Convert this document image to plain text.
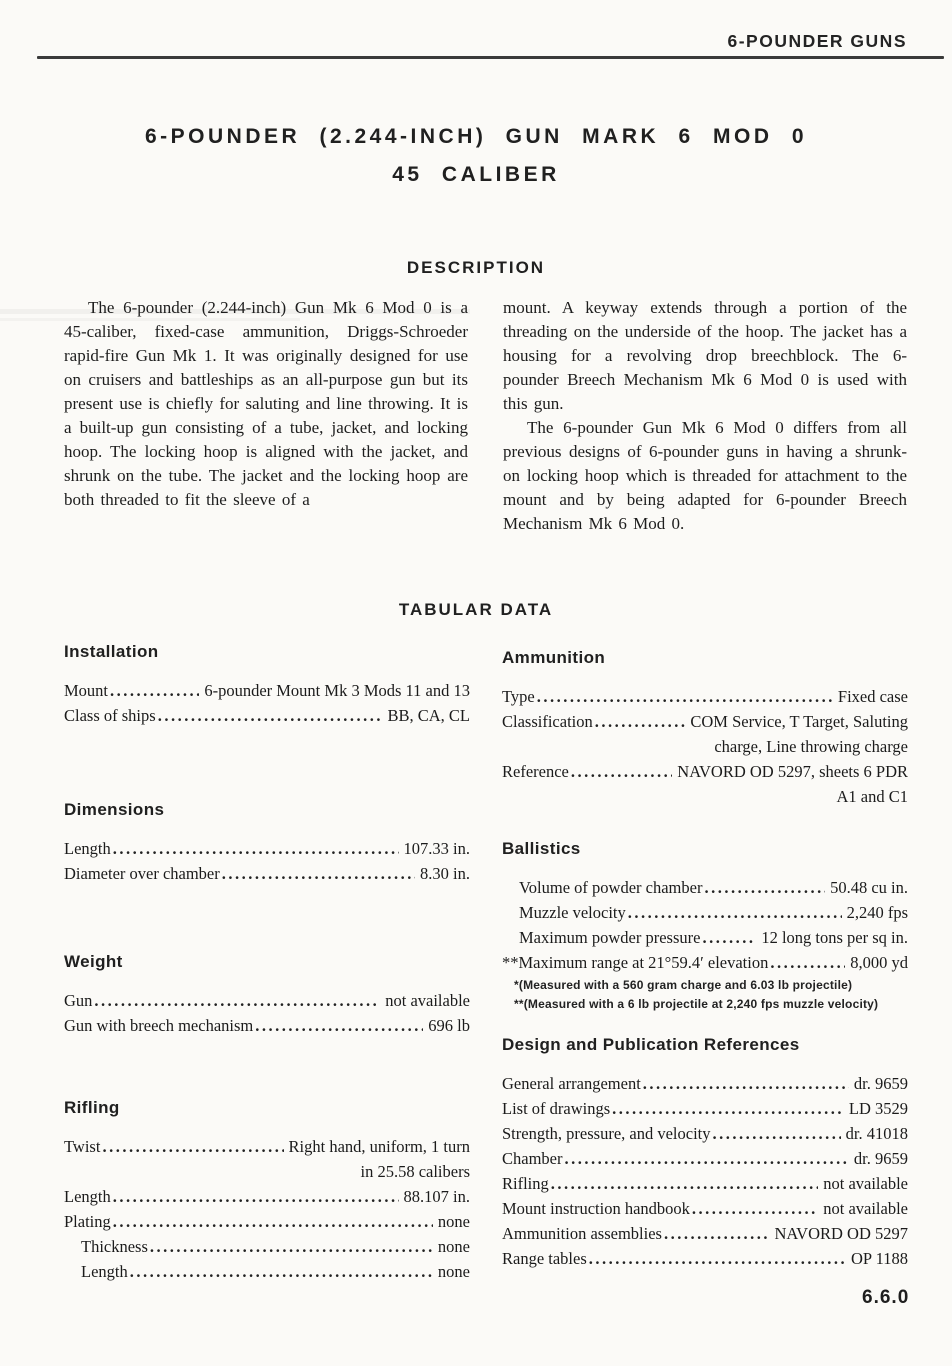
6-POUNDER GUNS
6-POUNDER (2.244-INCH) GUN MARK 6 MOD 0
45 CALIBER
DESCRIPTION

The 6-pounder (2.244-inch) Gun Mk 6 Mod 0 is a 45-caliber, fixed-case ammunition, Driggs-Schroeder rapid-fire Gun Mk 1. It was originally designed for use on cruisers and battleships as an all-purpose gun but its present use is chiefly for saluting and line throwing. It is a built-up gun consisting of a tube, jacket, and locking hoop. The locking hoop is aligned with the jacket, and shrunk on the tube. The jacket and the locking hoop are both threaded to fit the sleeve of a

mount. A keyway extends through a portion of the threading on the underside of the hoop. The jacket has a housing for a revolving drop breechblock. The 6-pounder Breech Mechanism Mk 6 Mod 0 is used with this gun.

The 6-pounder Gun Mk 6 Mod 0 differs from all previous designs of 6-pounder guns in having a shrunk-on locking hoop which is threaded for attachment to the mount and by being adapted for 6-pounder Breech Mechanism Mk 6 Mod 0.

TABULAR DATA
Installation
Mount .....	6-pounder Mount Mk 3 Mods 11 and 13
Class of ships .....	BB, CA, CL
Dimensions
Length .....	107.33 in.
Diameter over chamber .....	8.30 in.
Weight
Gun .....	not available
Gun with breech mechanism .....	696 lb
Rifling
Twist .....	Right hand, uniform, 1 turn
in 25.58 calibers
Length .....	88.107 in.
Plating .....	none
Thickness .....	none
Length .....	none
Ammunition
Type .....	Fixed case
Classification .....	COM Service, T Target, Saluting
charge, Line throwing charge
Reference .....	NAVORD OD 5297, sheets 6 PDR
A1 and C1
Ballistics
Volume of powder chamber .....	50.48 cu in.
Muzzle velocity .....	2,240 fps
Maximum powder pressure .....	12 long tons per sq in.
**Maximum range at 21°59.4′ elevation .....	8,000 yd
*(Measured with a 560 gram charge and 6.03 lb projectile)
**(Measured with a 6 lb projectile at 2,240 fps muzzle velocity)
Design and Publication References
General arrangement .....	dr. 9659
List of drawings .....	LD 3529
Strength, pressure, and velocity .....	dr. 41018
Chamber .....	dr. 9659
Rifling .....	not available
Mount instruction handbook .....	not available
Ammunition assemblies .....	NAVORD OD 5297
Range tables .....	OP 1188
6.6.0
